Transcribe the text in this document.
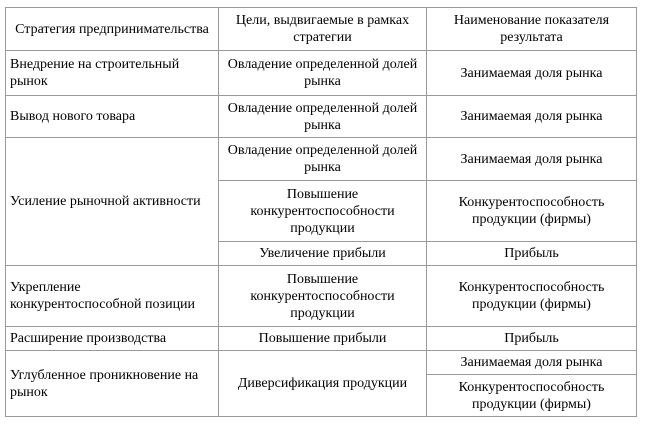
Стратегия предпринимательства	Цели, выдвигаемые в рамках стратегии	Наименование показателя результата
Внедрение на строительный рынок	Овладение определенной долей рынка	Занимаемая доля рынка
Вывод нового товара	Овладение определенной долей рынка	Занимаемая доля рынка
Усиление рыночной активности	Овладение определенной долей рынка	Занимаемая доля рынка
	Повышение конкурентоспособности продукции	Конкурентоспособность продукции (фирмы)
	Увеличение прибыли	Прибыль
Укрепление конкурентоспособной позиции	Повышение конкурентоспособности продукции	Конкурентоспособность продукции (фирмы)
Расширение производства	Повышение прибыли	Прибыль
Углубленное проникновение на рынок	Диверсификация продукции	Занимаемая доля рынка
		Конкурентоспособность продукции (фирмы)
